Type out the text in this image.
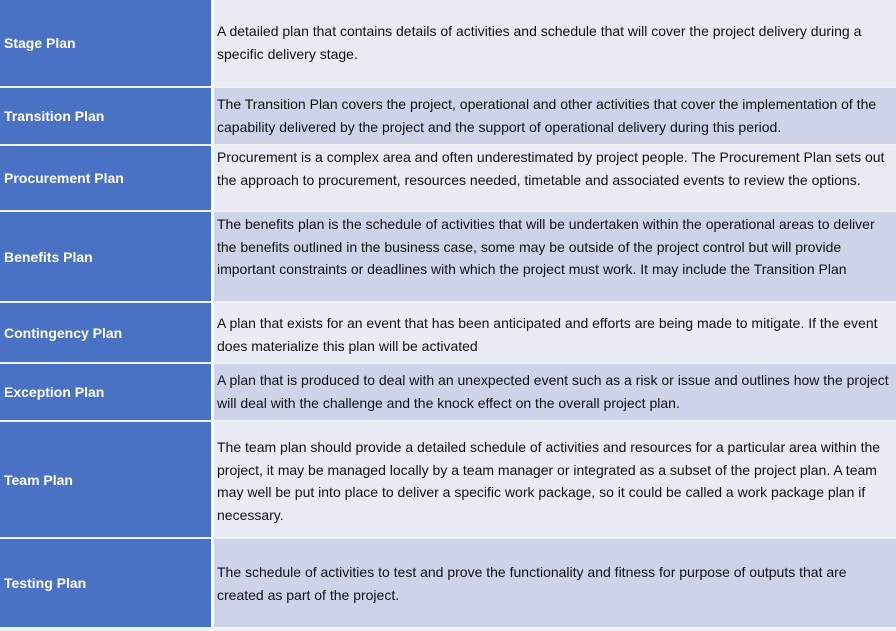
Stage Plan
A detailed plan that contains details of activities and schedule that will cover the project delivery during a specific delivery stage.
Transition Plan
The Transition Plan covers the project, operational and other activities that cover the implementation of the capability delivered by the project and the support of operational delivery during this period.
Procurement Plan
Procurement is a complex area and often underestimated by project people. The Procurement Plan sets out the approach to procurement, resources needed, timetable and associated events to review the options.
Benefits Plan
The benefits plan is the schedule of activities that will be undertaken within the operational areas to deliver the benefits outlined in the business case, some may be outside of the project control but will provide important constraints or deadlines with which the project must work. It may include the Transition Plan
Contingency Plan
A plan that exists for an event that has been anticipated and efforts are being made to mitigate. If the event does materialize this plan will be activated
Exception Plan
A plan that is produced to deal with an unexpected event such as a risk or issue and outlines how the project will deal with the challenge and the knock effect on the overall project plan.
Team Plan
The team plan should provide a detailed schedule of activities and resources for a particular area within the project, it may be managed locally by a team manager or integrated as a subset of the project plan. A team may well be put into place to deliver a specific work package, so it could be called a work package plan if necessary.
Testing Plan
The schedule of activities to test and prove the functionality and fitness for purpose of outputs that are created as part of the project.
